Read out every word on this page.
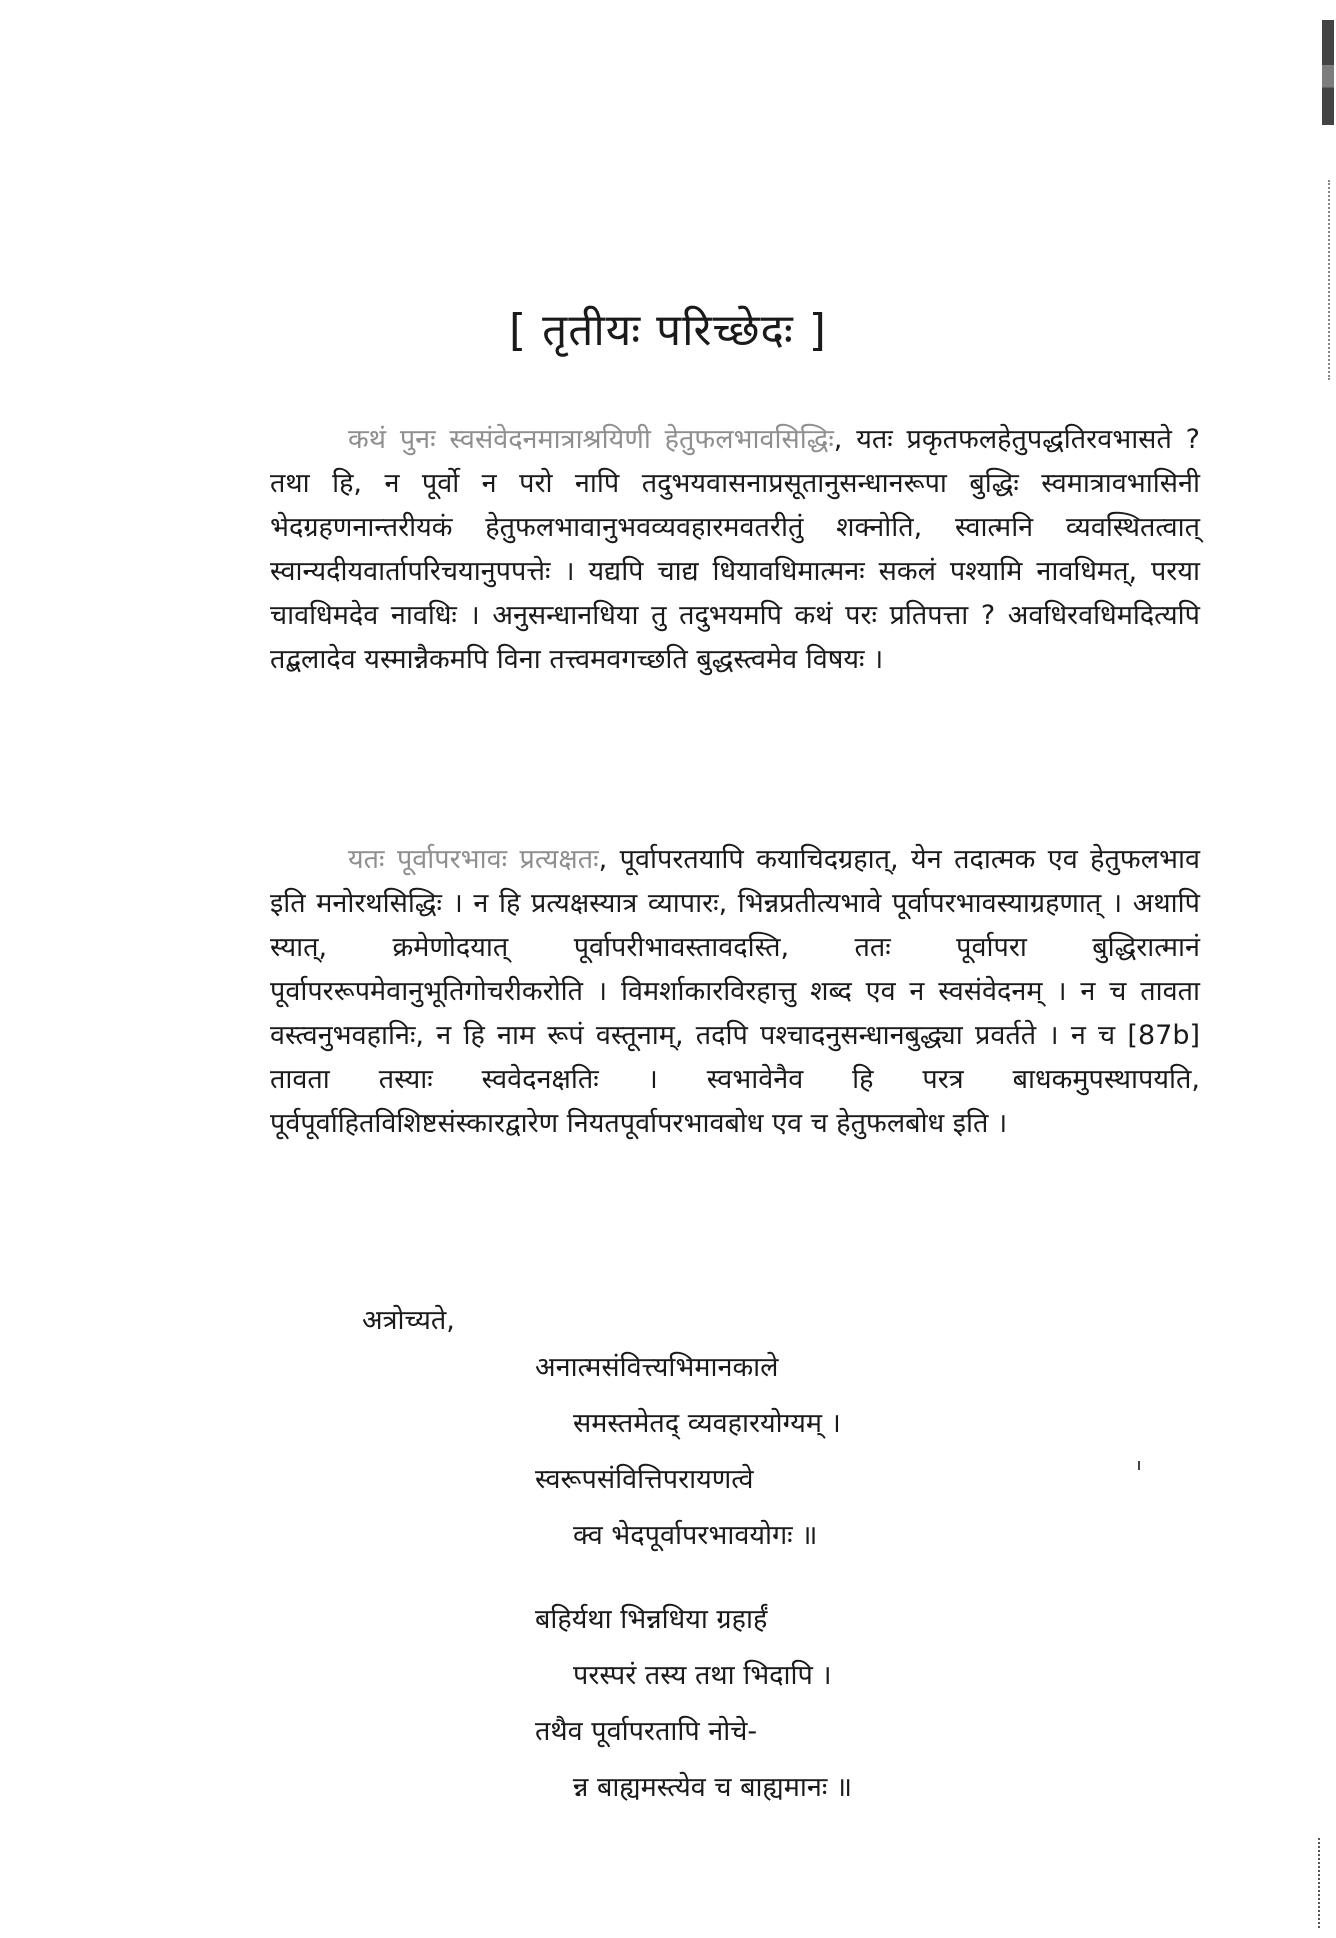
[ तृतीयः परिच्छेदः ]
कथं पुनः स्वसंवेदनमात्राश्रयिणी हेतुफलभावसिद्धिः, यतः प्रकृतफलहेतुपद्धतिरवभासते ? तथा हि, न पूर्वो न परो नापि तदुभयवासनाप्रसूतानुसन्धानरूपा बुद्धिः स्वमात्रावभासिनी भेदग्रहणनान्तरीयकं हेतुफलभावानुभवव्यवहारमवतरीतुं शक्नोति, स्वात्मनि व्यवस्थितत्वात् स्वान्यदीयवार्तापरिचयानुपपत्तेः । यद्यपि चाद्य धियावधिमात्मनः सकलं पश्यामि नावधिमत्, परया चावधिमदेव नावधिः । अनुसन्धानधिया तु तदुभयमपि कथं परः प्रतिपत्ता ? अवधिरवधिमदित्यपि तद्बलादेव यस्मान्नैकमपि विना तत्त्वमवगच्छति बुद्धस्त्वमेव विषयः ।
यतः पूर्वापरभावः प्रत्यक्षतः, पूर्वापरतयापि कयाचिदग्रहात्, येन तदात्मक एव हेतुफलभाव इति मनोरथसिद्धिः । न हि प्रत्यक्षस्यात्र व्यापारः, भिन्नप्रतीत्यभावे पूर्वापरभावस्याग्रहणात् । अथापि स्यात्, क्रमेणोदयात् पूर्वापरीभावस्तावदस्ति, ततः पूर्वापरा बुद्धिरात्मानं पूर्वापररूपमेवानुभूतिगोचरीकरोति । विमर्शाकारविरहात्तु शब्द एव न स्वसंवेदनम् । न च तावता वस्त्वनुभवहानिः, न हि नाम रूपं वस्तूनाम्, तदपि पश्चादनुसन्धानबुद्ध्या प्रवर्तते । न च [87b] तावता तस्याः स्ववेदनक्षतिः । स्वभावेनैव हि परत्र बाधकमुपस्थापयति, पूर्वपूर्वाहितविशिष्टसंस्कारद्वारेण नियतपूर्वापरभावबोध एव च हेतुफलबोध इति ।
अत्रोच्यते,
अनात्मसंवित्त्यभिमानकाले
समस्तमेतद् व्यवहारयोग्यम् ।
स्वरूपसंवित्तिपरायणत्वे
क्व भेदपूर्वापरभावयोगः ॥
बहिर्यथा भिन्नधिया ग्रहार्हं
परस्परं तस्य तथा भिदापि ।
तथैव पूर्वापरतापि नोचे-
न्न बाह्यमस्त्येव च बाह्यमानः ॥
